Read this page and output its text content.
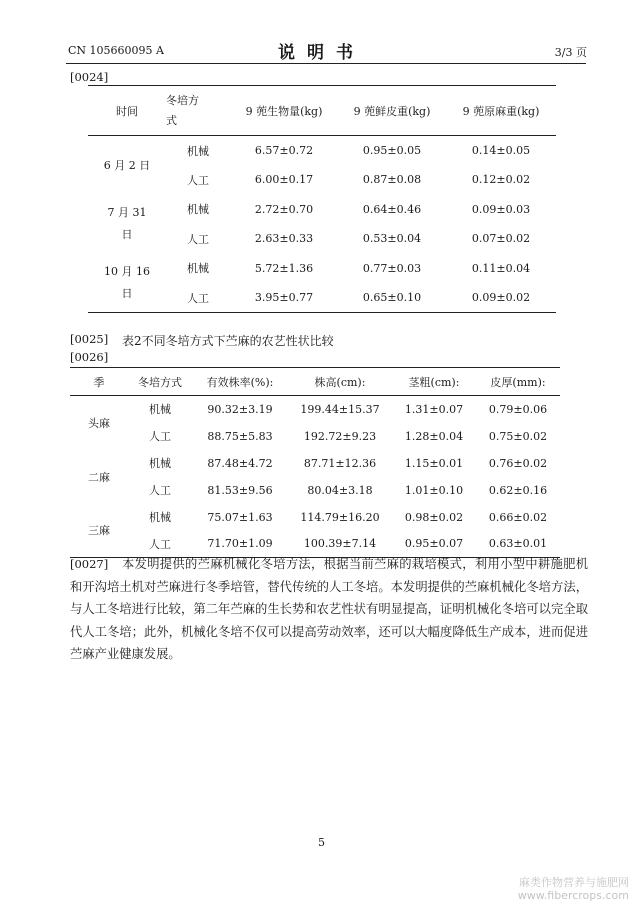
CN 105660095 A	说明书	3/3 页
[0024]
时间	冬培方式	9 蔸生物量(kg)	9 蔸鲜皮重(kg)	9 蔸原麻重(kg)
6 月 2 日	机械	6.57±0.72	0.95±0.05	0.14±0.05
	人工	6.00±0.17	0.87±0.08	0.12±0.02
7 月 31 日	机械	2.72±0.70	0.64±0.46	0.09±0.03
	人工	2.63±0.33	0.53±0.04	0.07±0.02
10 月 16 日	机械	5.72±1.36	0.77±0.03	0.11±0.04
	人工	3.95±0.77	0.65±0.10	0.09±0.02
[0025] 表2不同冬培方式下苎麻的农艺性状比较
[0026]
季	冬培方式	有效株率(%):	株高(cm):	茎粗(cm):	皮厚(mm):
头麻	机械	90.32±3.19	199.44±15.37	1.31±0.07	0.79±0.06
	人工	88.75±5.83	192.72±9.23	1.28±0.04	0.75±0.02
二麻	机械	87.48±4.72	87.71±12.36	1.15±0.01	0.76±0.02
	人工	81.53±9.56	80.04±3.18	1.01±0.10	0.62±0.16
三麻	机械	75.07±1.63	114.79±16.20	0.98±0.02	0.66±0.02
	人工	71.70±1.09	100.39±7.14	0.95±0.07	0.63±0.01
[0027]	本发明提供的苎麻机械化冬培方法，根据当前苎麻的栽培模式，利用小型中耕施肥机和开沟培土机对苎麻进行冬季培管，替代传统的人工冬培。本发明提供的苎麻机械化冬培方法，与人工冬培进行比较，第二年苎麻的生长势和农艺性状有明显提高，证明机械化冬培可以完全取代人工冬培；此外，机械化冬培不仅可以提高劳动效率，还可以大幅度降低生产成本，进而促进苎麻产业健康发展。
5
麻类作物营养与施肥网
www.fibercrops.com
